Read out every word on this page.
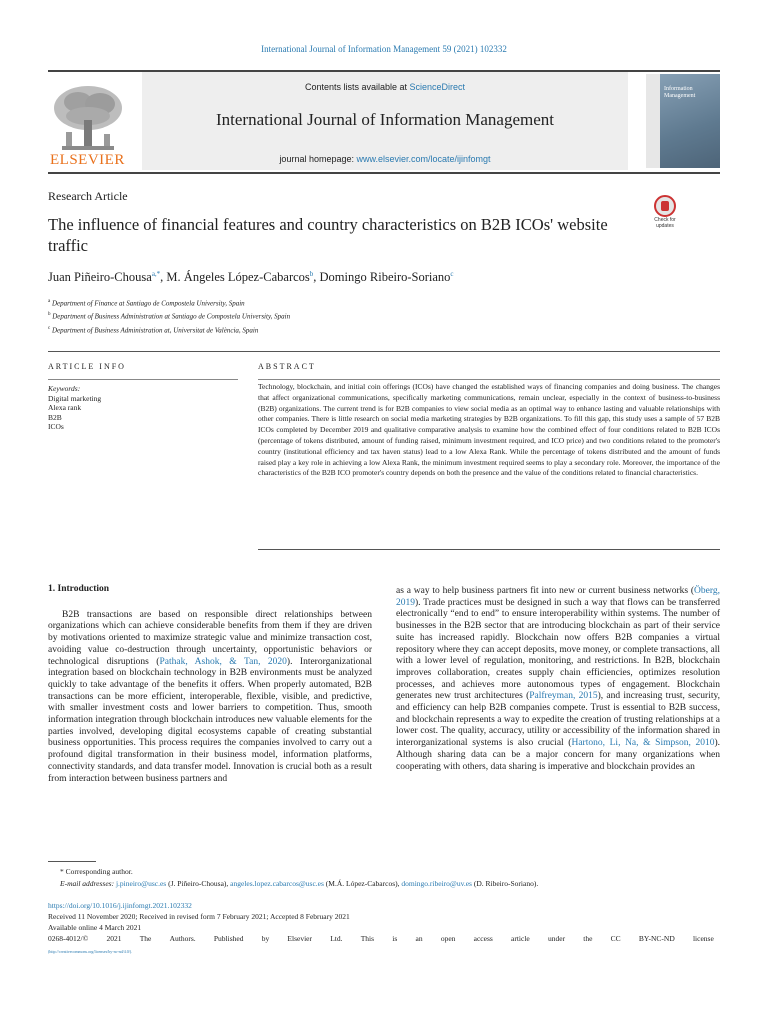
International Journal of Information Management 59 (2021) 102332
ELSEVIER
Contents lists available at ScienceDirect
International Journal of Information Management
journal homepage: www.elsevier.com/locate/ijinfomgt
Information Management
Research Article
The influence of financial features and country characteristics on B2B ICOs' website traffic
Check for updates
Juan Piñeiro-Chousa$^{a,*}$, M. Ángeles López-Cabarcos$^b$, Domingo Ribeiro-Soriano$^c$
$^a$ Department of Finance at Santiago de Compostela University, Spain
$^b$ Department of Business Administration at Santiago de Compostela University, Spain
$^c$ Department of Business Administration at, Universitat de València, Spain
ARTICLE INFO	ABSTRACT
Keywords:
Digital marketing
Alexa rank
B2B
ICOs
Technology, blockchain, and initial coin offerings (ICOs) have changed the established ways of financing companies and doing business. The changes that affect organizational communications, specifically marketing communications, remain unclear, especially in the context of business-to-business (B2B) organizations. The current trend is for B2B companies to view social media as an optimal way to enhance lasting and valuable relationships with other companies. There is little research on social media marketing strategies by B2B organizations. To fill this gap, this study uses a sample of 57 B2B ICOs completed by December 2019 and qualitative comparative analysis to examine how the combined effect of four conditions related to B2B ICOs (percentage of tokens distributed, amount of funding raised, minimum investment required, and ICO price) and two conditions related to the promoter's country (institutional efficiency and tax haven status) lead to a low Alexa Rank. While the percentage of tokens distributed and the amount of funds raised play a key role in achieving a low Alexa Rank, the minimum investment required seems to play a secondary role. Moreover, the importance of the characteristics of the B2B ICO promoter's country depends on both the presence and the value of the conditions related to financial characteristics.
1. Introduction

B2B transactions are based on responsible direct relationships between organizations which can achieve considerable benefits from them if they are driven by motivations oriented to maximize strategic value and minimize transaction cost, avoiding value co-destruction through uncertainty, opportunistic behaviors or technological disruptions (Pathak, Ashok, & Tan, 2020). Interorganizational integration based on blockchain technology in B2B environments must be analyzed quickly to take advantage of the benefits it offers. When properly automated, B2B transactions can be more efficient, interoperable, flexible, visible, and predictive, with smaller investment costs and lower barriers to competition. Thus, smooth information integration through blockchain introduces new valuable elements for the parties involved, developing digital ecosystems capable of creating substantial business opportunities. This process requires the companies involved to carry out a profound digital transformation in their business model, information platforms, connectivity standards, and data transfer model. Innovation is crucial both as a result from interaction between business partners and

as a way to help business partners fit into new or current business networks (Öberg, 2019). Trade practices must be designed in such a way that flows can be transferred electronically “end to end” to ensure interoperability within systems. The number of businesses in the B2B sector that are introducing blockchain as part of their service suite has increased rapidly. Blockchain now offers B2B companies a virtual repository where they can accept deposits, move money, or complete transactions, all with a lower level of regulation, monitoring, and restrictions. In B2B, blockchain improves collaboration, creates supply chain efficiencies, optimizes resolution processes, and achieves more autonomous types of engagement. Blockchain generates new trust architectures (Palfreyman, 2015), and increasing trust, security, and efficiency can help B2B companies compete. Trust is essential to B2B success, and blockchain represents a way to expedite the creation of trusting relationships at a lower cost. The quality, accuracy, utility or accessibility of the information shared in interorganizational systems is also crucial (Hartono, Li, Na, & Simpson, 2010). Although sharing data can be a major concern for many organizations when cooperating with others, data sharing is imperative and blockchain provides an

* Corresponding author.
E-mail addresses: j.pineiro@usc.es (J. Piñeiro-Chousa), angeles.lopez.cabarcos@usc.es (M.Á. López-Cabarcos), domingo.ribeiro@uv.es (D. Ribeiro-Soriano).
https://doi.org/10.1016/j.ijinfomgt.2021.102332
Received 11 November 2020; Received in revised form 7 February 2021; Accepted 8 February 2021
Available online 4 March 2021
0268-4012/© 2021 The Authors. Published by Elsevier Ltd. This is an open access article under the CC BY-NC-ND license
(http://creativecommons.org/licenses/by-nc-nd/4.0/).
